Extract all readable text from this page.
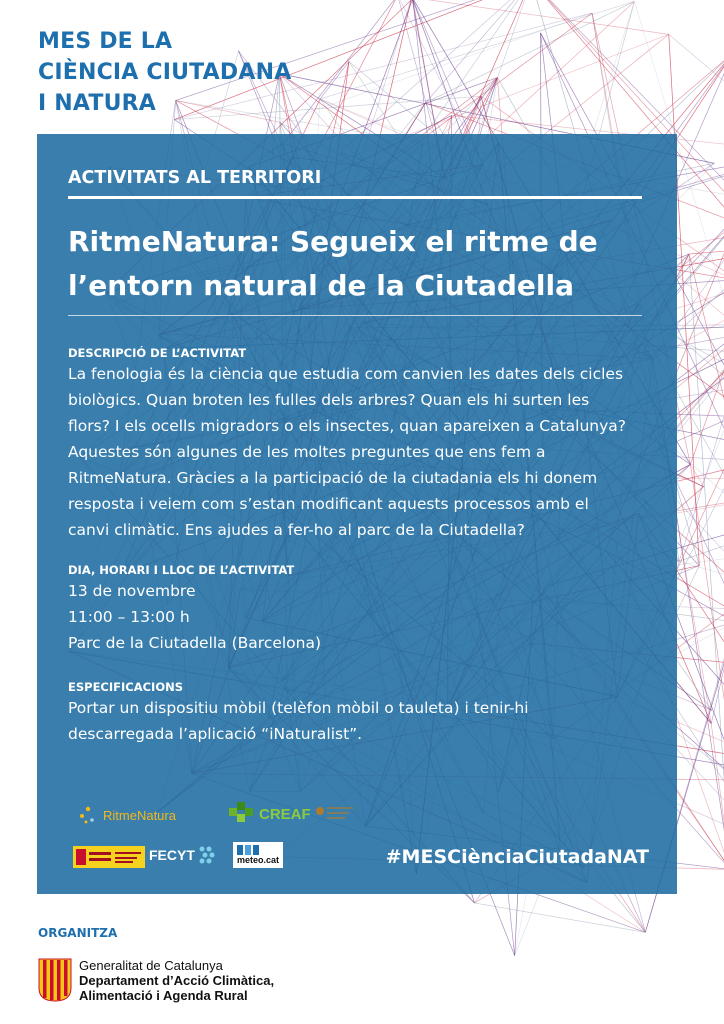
MES DE LA
CIÈNCIA CIUTADANA
I NATURA
ACTIVITATS AL TERRITORI
RitmeNatura: Segueix el ritme de
l’entorn natural de la Ciutadella
DESCRIPCIÓ DE L’ACTIVITAT
La fenologia és la ciència que estudia com canvien les dates dels cicles
biològics. Quan broten les fulles dels arbres? Quan els hi surten les
flors? I els ocells migradors o els insectes, quan apareixen a Catalunya?
Aquestes són algunes de les moltes preguntes que ens fem a
RitmeNatura. Gràcies a la participació de la ciutadania els hi donem
resposta i veiem com s’estan modificant aquests processos amb el
canvi climàtic. Ens ajudes a fer-ho al parc de la Ciutadella?
DIA, HORARI I LLOC DE L’ACTIVITAT
13 de novembre
11:00 – 13:00 h
Parc de la Ciutadella (Barcelona)
ESPECIFICACIONS
Portar un dispositiu mòbil (telèfon mòbil o tauleta) i tenir-hi
descarregada l’aplicació “iNaturalist”.
RitmeNatura	CREAF
FECYT	meteo.cat	#MESCiènciaCiutadaNAT
ORGANITZA
Generalitat de Catalunya
Departament d’Acció Climàtica,
Alimentació i Agenda Rural
